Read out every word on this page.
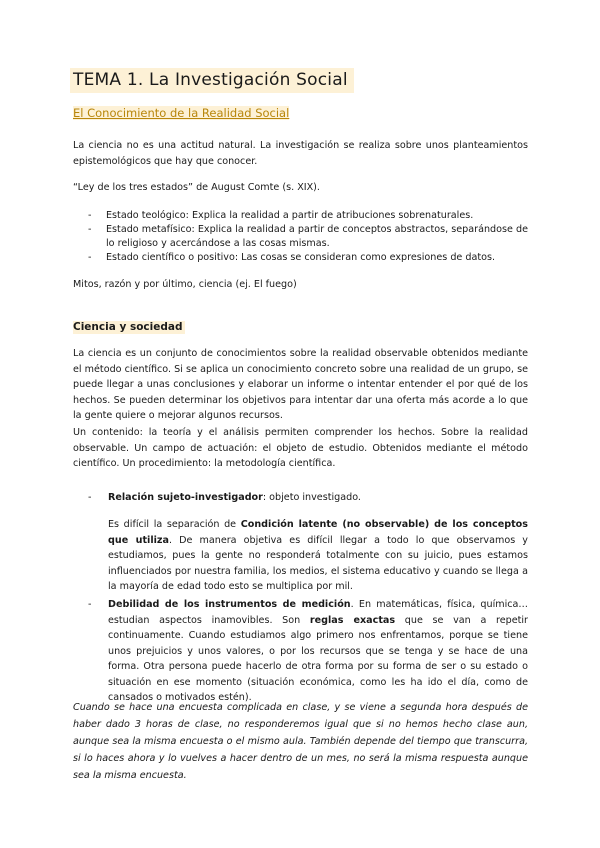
TEMA 1. La Investigación Social
El Conocimiento de la Realidad Social
La ciencia no es una actitud natural. La investigación se realiza sobre unos planteamientos epistemológicos que hay que conocer.
“Ley de los tres estados” de August Comte (s. XIX).
- Estado teológico: Explica la realidad a partir de atribuciones sobrenaturales.
- Estado metafísico: Explica la realidad a partir de conceptos abstractos, separándose de lo religioso y acercándose a las cosas mismas.
- Estado científico o positivo: Las cosas se consideran como expresiones de datos.
Mitos, razón y por último, ciencia (ej. El fuego)
Ciencia y sociedad
La ciencia es un conjunto de conocimientos sobre la realidad observable obtenidos mediante el método científico. Si se aplica un conocimiento concreto sobre una realidad de un grupo, se puede llegar a unas conclusiones y elaborar un informe o intentar entender el por qué de los hechos. Se pueden determinar los objetivos para intentar dar una oferta más acorde a lo que la gente quiere o mejorar algunos recursos.
Un contenido: la teoría y el análisis permiten comprender los hechos. Sobre la realidad observable. Un campo de actuación: el objeto de estudio. Obtenidos mediante el método científico. Un procedimiento: la metodología científica.
- Relación sujeto-investigador: objeto investigado.
Es difícil la separación de Condición latente (no observable) de los conceptos que utiliza. De manera objetiva es difícil llegar a todo lo que observamos y estudiamos, pues la gente no responderá totalmente con su juicio, pues estamos influenciados por nuestra familia, los medios, el sistema educativo y cuando se llega a la mayoría de edad todo esto se multiplica por mil.
- Debilidad de los instrumentos de medición. En matemáticas, física, química… estudian aspectos inamovibles. Son reglas exactas que se van a repetir continuamente. Cuando estudiamos algo primero nos enfrentamos, porque se tiene unos prejuicios y unos valores, o por los recursos que se tenga y se hace de una forma. Otra persona puede hacerlo de otra forma por su forma de ser o su estado o situación en ese momento (situación económica, como les ha ido el día, como de cansados o motivados estén).
Cuando se hace una encuesta complicada en clase, y se viene a segunda hora después de haber dado 3 horas de clase, no responderemos igual que si no hemos hecho clase aun, aunque sea la misma encuesta o el mismo aula. También depende del tiempo que transcurra, si lo haces ahora y lo vuelves a hacer dentro de un mes, no será la misma respuesta aunque sea la misma encuesta.
